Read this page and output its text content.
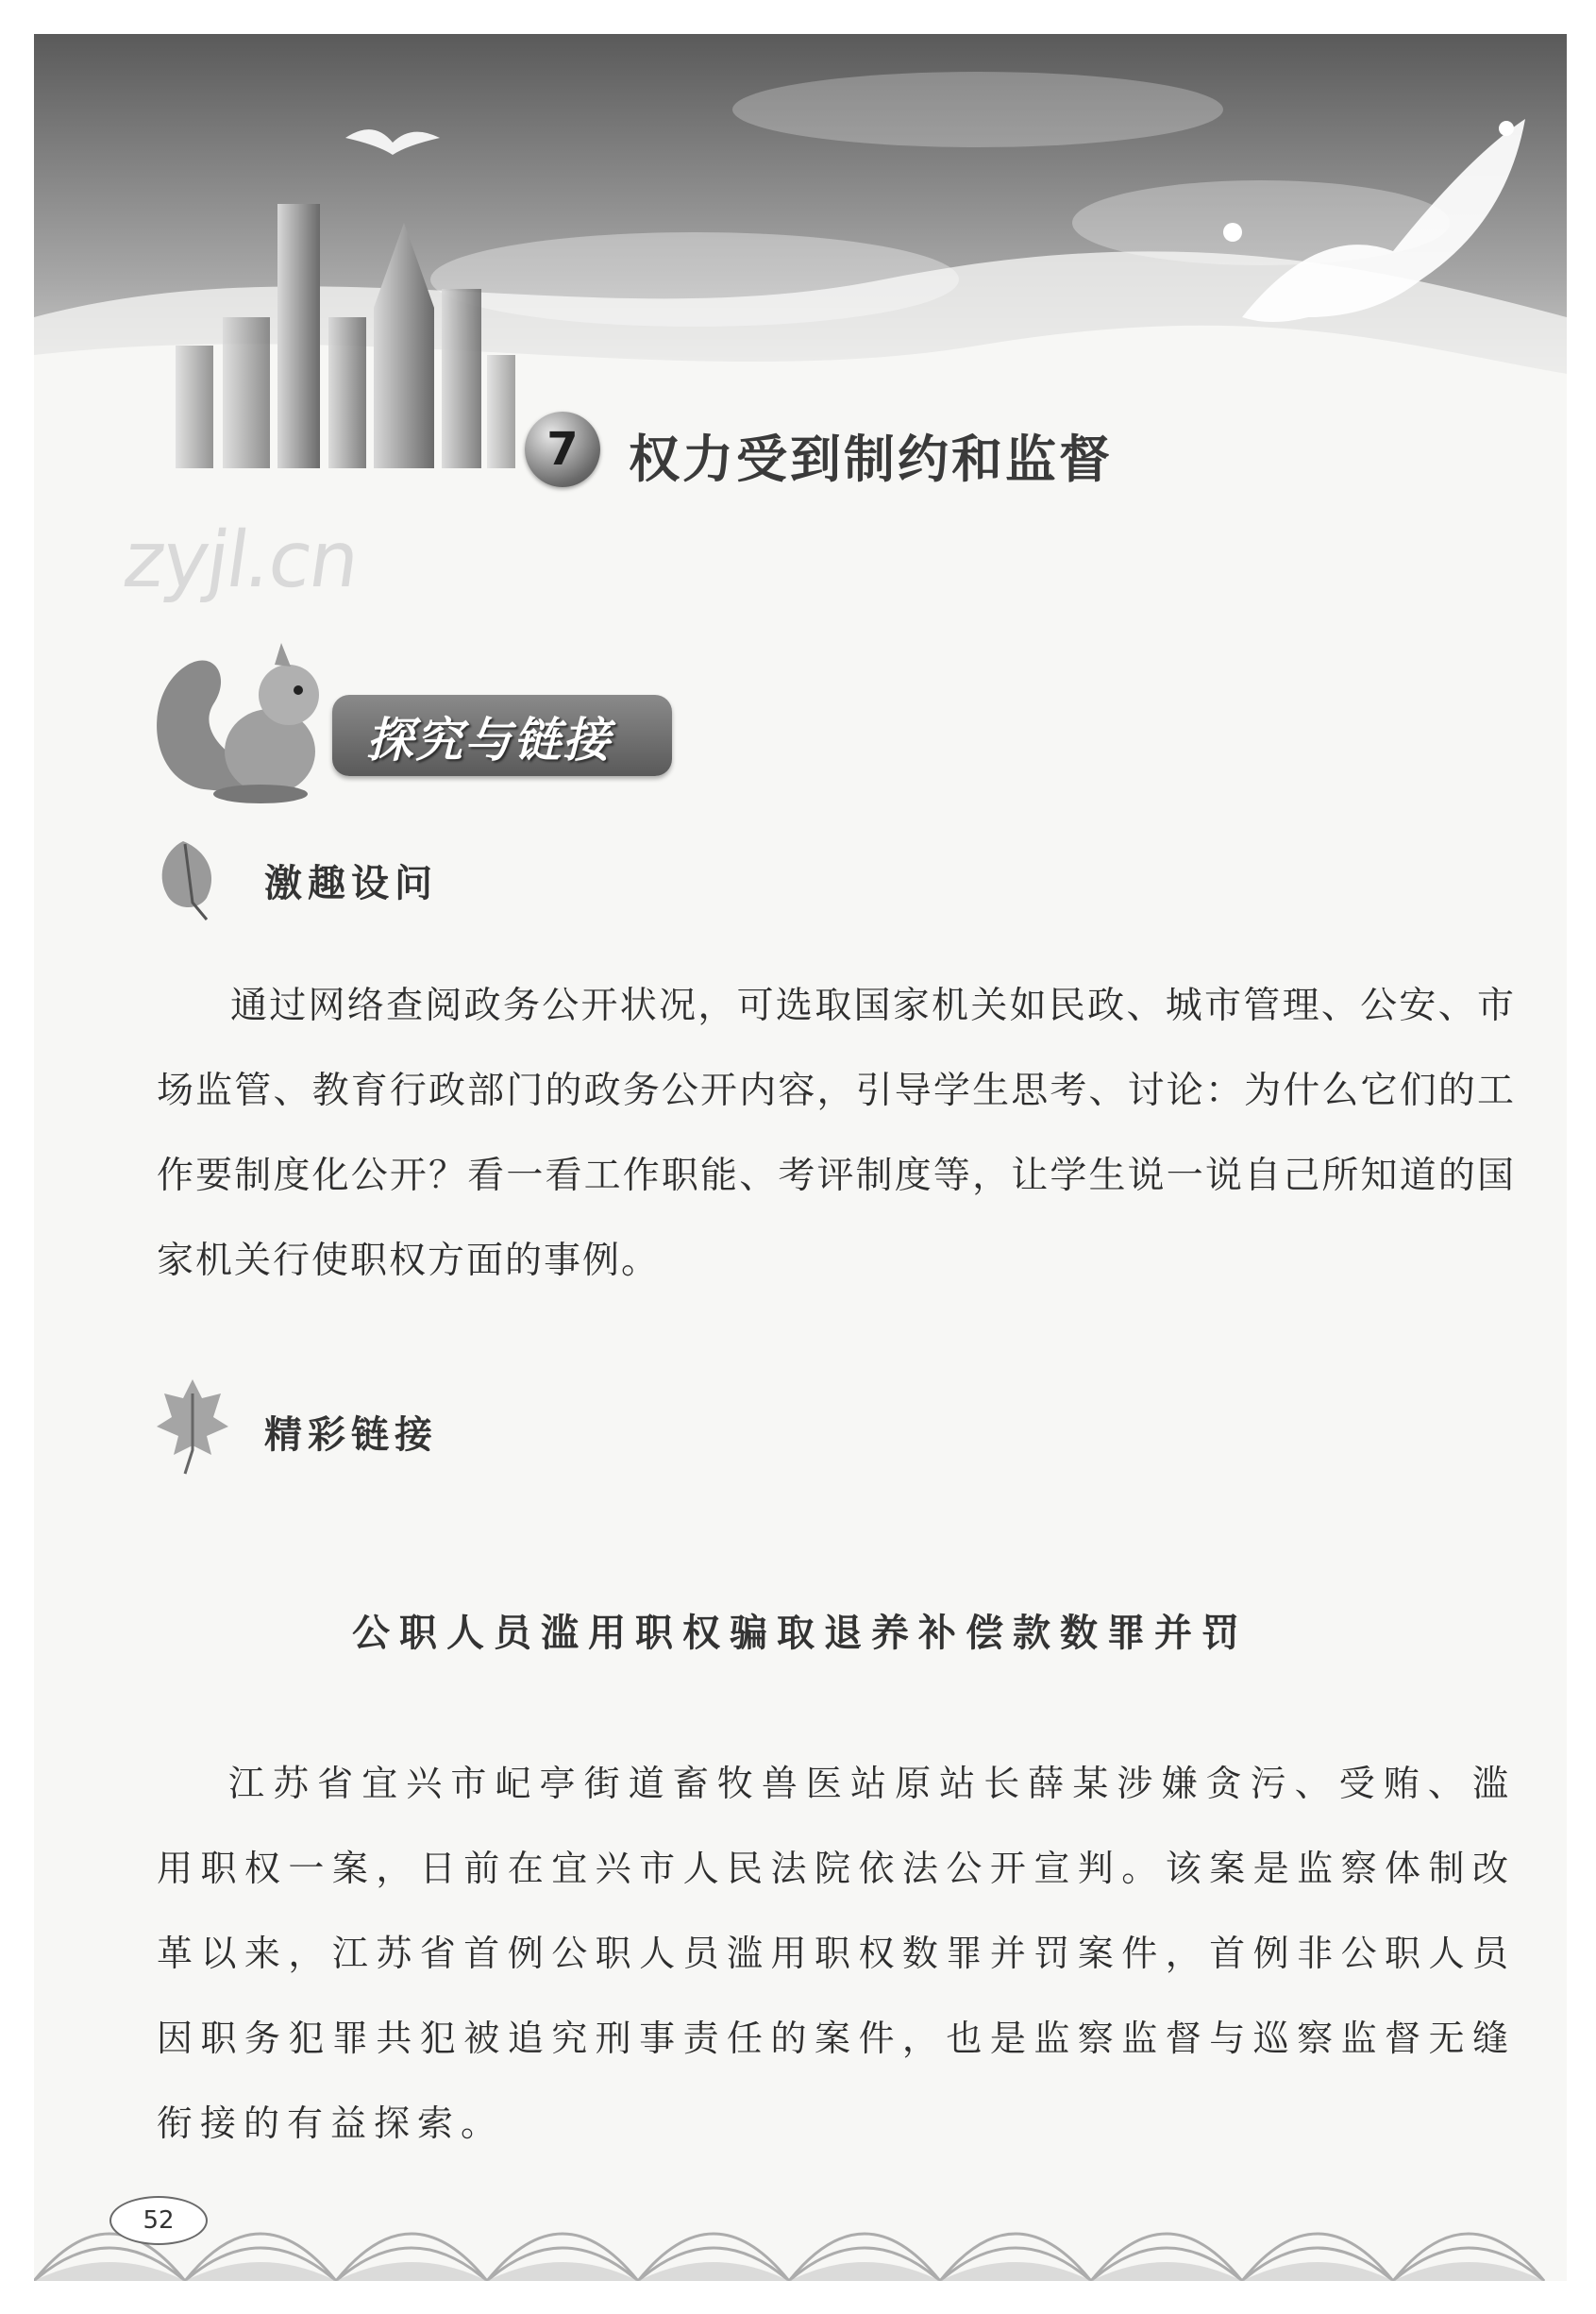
7 权力受到制约和监督
zyjl.cn
探究与链接
激趣设问

通过网络查阅政务公开状况，可选取国家机关如民政、城市管理、公安、市场监管、教育行政部门的政务公开内容，引导学生思考、讨论：为什么它们的工作要制度化公开？看一看工作职能、考评制度等，让学生说一说自己所知道的国家机关行使职权方面的事例。

精彩链接
公职人员滥用职权骗取退养补偿款数罪并罚

江苏省宜兴市屺亭街道畜牧兽医站原站长薛某涉嫌贪污、受贿、滥用职权一案，日前在宜兴市人民法院依法公开宣判。该案是监察体制改革以来，江苏省首例公职人员滥用职权数罪并罚案件，首例非公职人员因职务犯罪共犯被追究刑事责任的案件，也是监察监督与巡察监督无缝衔接的有益探索。

52
